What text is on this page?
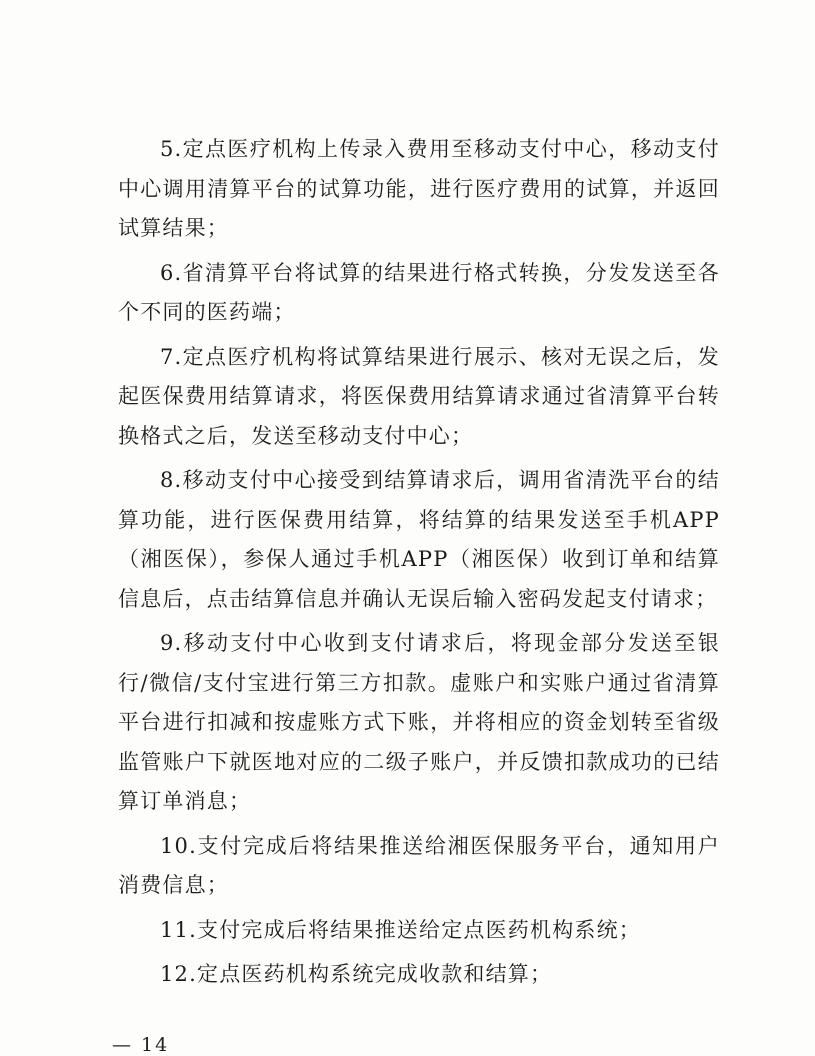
5.定点医疗机构上传录入费用至移动支付中心，移动支付中心调用清算平台的试算功能，进行医疗费用的试算，并返回试算结果；

6.省清算平台将试算的结果进行格式转换，分发发送至各个不同的医药端；

7.定点医疗机构将试算结果进行展示、核对无误之后，发起医保费用结算请求，将医保费用结算请求通过省清算平台转换格式之后，发送至移动支付中心；

8.移动支付中心接受到结算请求后，调用省清洗平台的结算功能，进行医保费用结算，将结算的结果发送至手机APP（湘医保），参保人通过手机APP（湘医保）收到订单和结算信息后，点击结算信息并确认无误后输入密码发起支付请求；

9.移动支付中心收到支付请求后，将现金部分发送至银行/微信/支付宝进行第三方扣款。虚账户和实账户通过省清算平台进行扣减和按虚账方式下账，并将相应的资金划转至省级监管账户下就医地对应的二级子账户，并反馈扣款成功的已结算订单消息；

10.支付完成后将结果推送给湘医保服务平台，通知用户消费信息；

11.支付完成后将结果推送给定点医药机构系统；

12.定点医药机构系统完成收款和结算；

— 14
